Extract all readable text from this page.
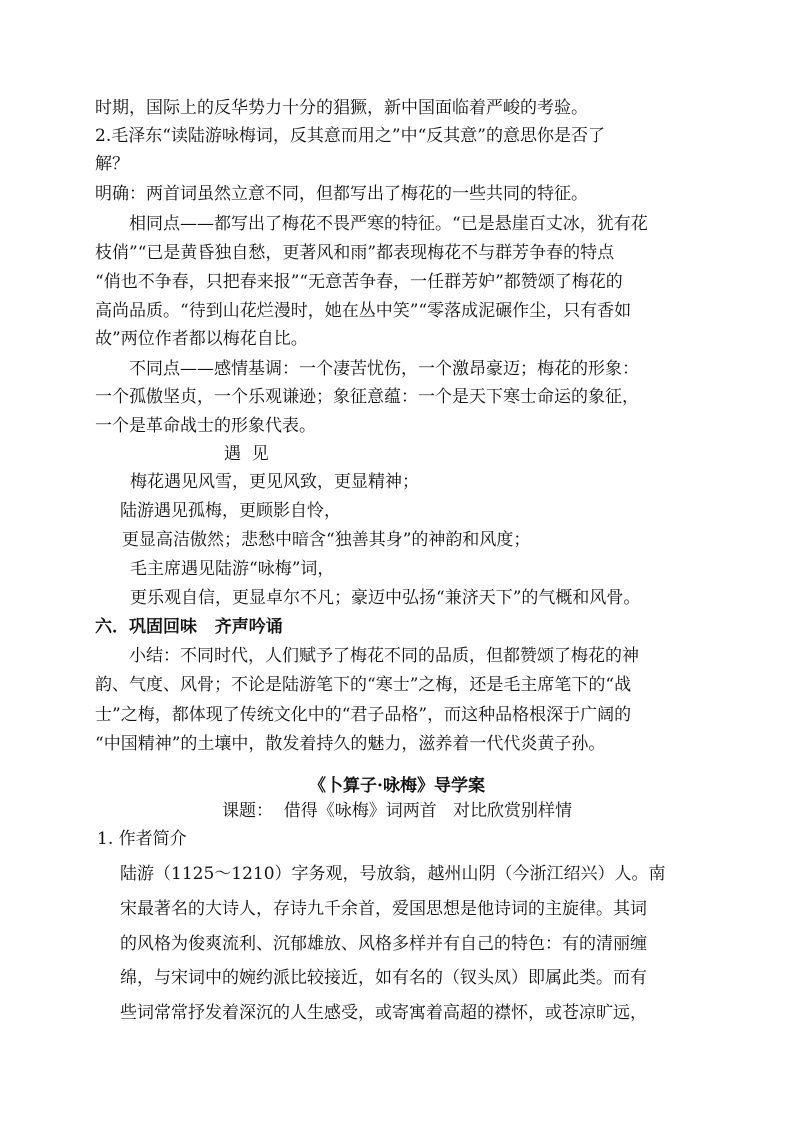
时期，国际上的反华势力十分的猖獗，新中国面临着严峻的考验。
2.毛泽东“读陆游咏梅词，反其意而用之”中“反其意”的意思你是否了
解？
明确：两首词虽然立意不同，但都写出了梅花的一些共同的特征。
相同点——都写出了梅花不畏严寒的特征。“已是悬崖百丈冰，犹有花
枝俏”“已是黄昏独自愁，更著风和雨”都表现梅花不与群芳争春的特点
“俏也不争春，只把春来报”“无意苦争春，一任群芳妒”都赞颂了梅花的
高尚品质。“待到山花烂漫时，她在丛中笑”“零落成泥碾作尘，只有香如
故”两位作者都以梅花自比。
不同点——感情基调：一个凄苦忧伤，一个激昂豪迈；梅花的形象：
一个孤傲坚贞，一个乐观谦逊；象征意蕴：一个是天下寒士命运的象征，
一个是革命战士的形象代表。
遇  见
梅花遇见风雪，更见风致，更显精神；
陆游遇见孤梅，更顾影自怜，
更显高洁傲然；悲愁中暗含“独善其身”的神韵和风度；
毛主席遇见陆游“咏梅”词，
更乐观自信，更显卓尔不凡；豪迈中弘扬“兼济天下”的气概和风骨。
六．巩固回味   齐声吟诵
小结：不同时代，人们赋予了梅花不同的品质，但都赞颂了梅花的神
韵、气度、风骨；不论是陆游笔下的“寒士”之梅，还是毛主席笔下的“战
士”之梅，都体现了传统文化中的“君子品格”，而这种品格根深于广阔的
“中国精神”的土壤中，散发着持久的魅力，滋养着一代代炎黄子孙。
《卜算子·咏梅》导学案
课题：  借得《咏梅》词两首   对比欣赏别样情
1. 作者简介
陆游（1125～1210）字务观，号放翁，越州山阴（今浙江绍兴）人。南
宋最著名的大诗人，存诗九千余首，爱国思想是他诗词的主旋律。其词
的风格为俊爽流利、沉郁雄放、风格多样并有自己的特色：有的清丽缠
绵，与宋词中的婉约派比较接近，如有名的（钗头凤）即属此类。而有
些词常常抒发着深沉的人生感受，或寄寓着高超的襟怀，或苍凉旷远，
